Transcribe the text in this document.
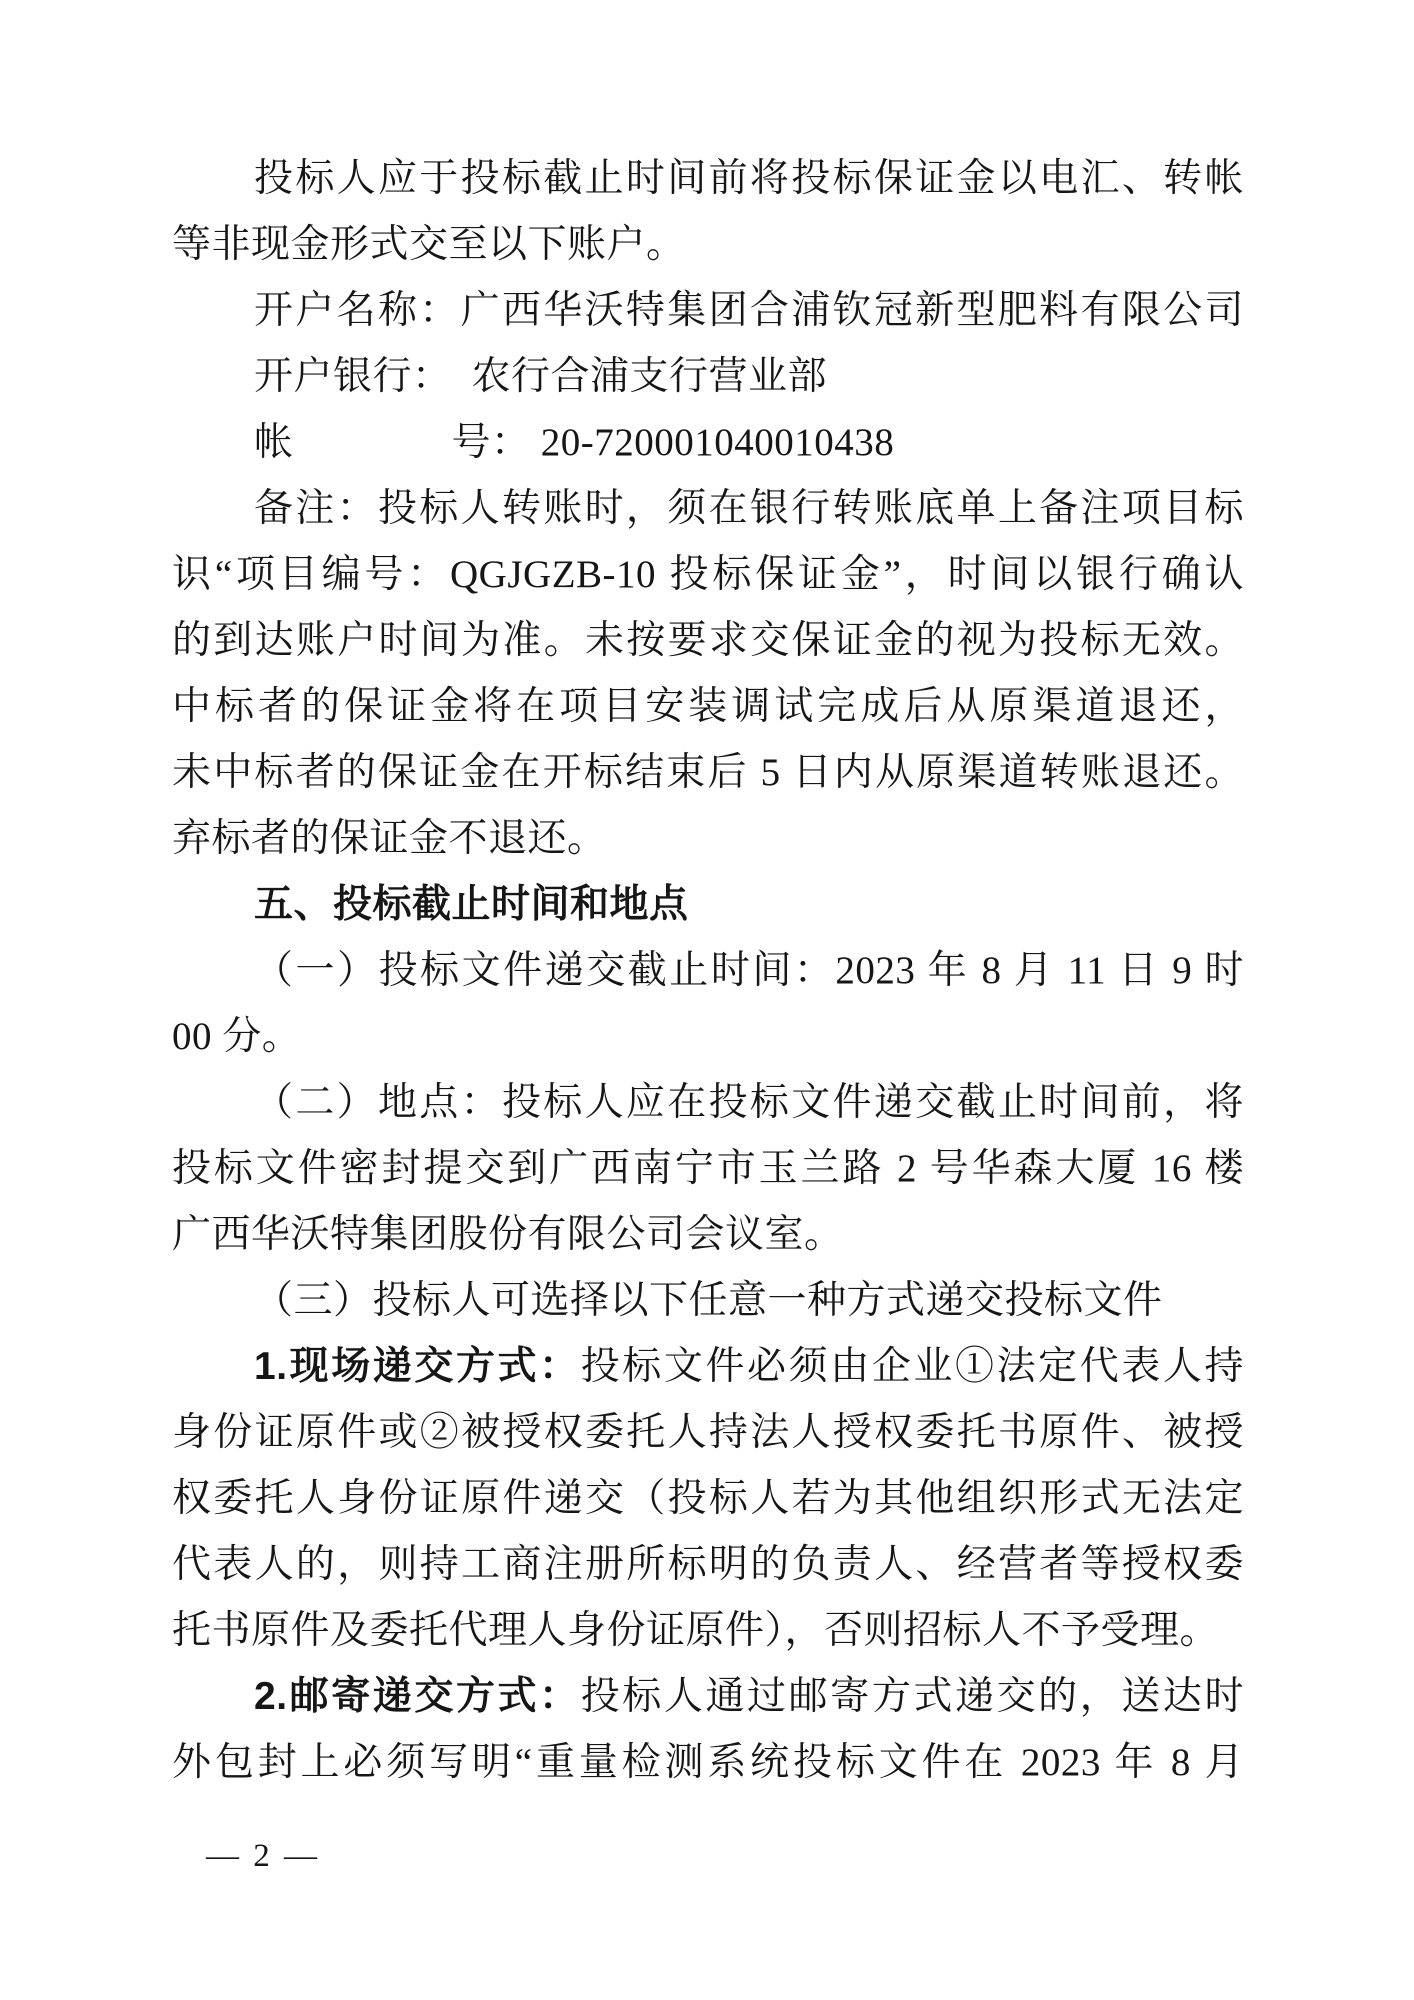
投标人应于投标截止时间前将投标保证金以电汇、转帐
等非现金形式交至以下账户。
开户名称：广西华沃特集团合浦钦冠新型肥料有限公司
开户银行：　农行合浦支行营业部
帐　　　　号： 20-720001040010438
备注：投标人转账时，须在银行转账底单上备注项目标
识“项目编号：QGJGZB-10 投标保证金”，时间以银行确认
的到达账户时间为准。未按要求交保证金的视为投标无效。
中标者的保证金将在项目安装调试完成后从原渠道退还，
未中标者的保证金在开标结束后 5 日内从原渠道转账退还。
弃标者的保证金不退还。
五、投标截止时间和地点
（一）投标文件递交截止时间：2023 年 8 月 11 日 9 时
00 分。
（二）地点：投标人应在投标文件递交截止时间前，将
投标文件密封提交到广西南宁市玉兰路 2 号华森大厦 16 楼
广西华沃特集团股份有限公司会议室。
（三）投标人可选择以下任意一种方式递交投标文件
1.现场递交方式：投标文件必须由企业①法定代表人持
身份证原件或②被授权委托人持法人授权委托书原件、被授
权委托人身份证原件递交（投标人若为其他组织形式无法定
代表人的，则持工商注册所标明的负责人、经营者等授权委
托书原件及委托代理人身份证原件），否则招标人不予受理。
2.邮寄递交方式：投标人通过邮寄方式递交的，送达时
外包封上必须写明“重量检测系统投标文件在 2023 年 8 月
— 2 —
